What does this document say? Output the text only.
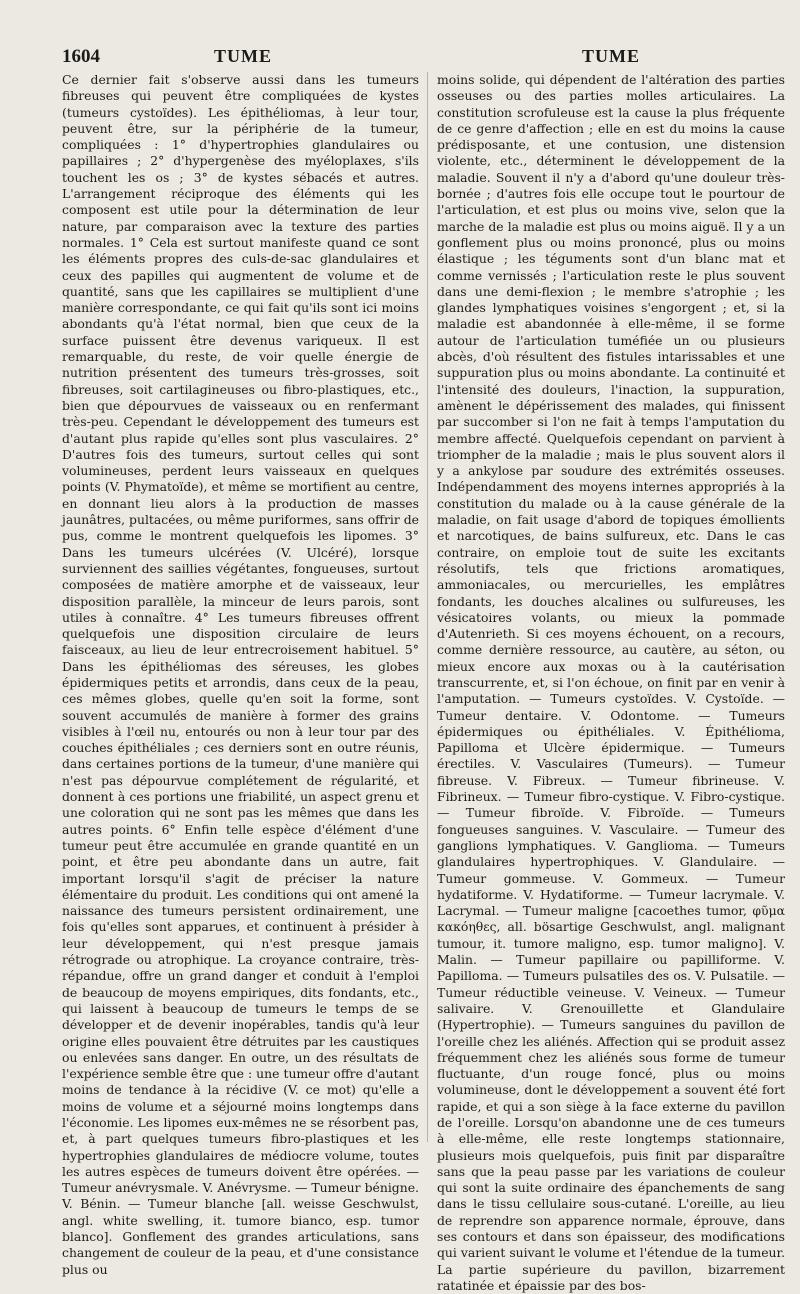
1604	TUME	TUME

Ce dernier fait s'observe aussi dans les tumeurs fibreuses qui peuvent être compliquées de kystes (tumeurs cystoïdes). Les épithéliomas, à leur tour, peuvent être, sur la périphérie de la tumeur, compliquées : 1° d'hypertrophies glandulaires ou papillaires ; 2° d'hypergenèse des myéloplaxes, s'ils touchent les os ; 3° de kystes sébacés et autres. L'arrangement réciproque des éléments qui les composent est utile pour la détermination de leur nature, par comparaison avec la texture des parties normales. 1° Cela est surtout manifeste quand ce sont les éléments propres des culs-de-sac glandulaires et ceux des papilles qui augmentent de volume et de quantité, sans que les capillaires se multiplient d'une manière correspondante, ce qui fait qu'ils sont ici moins abondants qu'à l'état normal, bien que ceux de la surface puissent être devenus variqueux. Il est remarquable, du reste, de voir quelle énergie de nutrition présentent des tumeurs très-grosses, soit fibreuses, soit cartilagineuses ou fibro-plastiques, etc., bien que dépourvues de vaisseaux ou en renfermant très-peu. Cependant le développement des tumeurs est d'autant plus rapide qu'elles sont plus vasculaires. 2° D'autres fois des tumeurs, surtout celles qui sont volumineuses, perdent leurs vaisseaux en quelques points (V. Phymatoïde), et même se mortifient au centre, en donnant lieu alors à la production de masses jaunâtres, pultacées, ou même puriformes, sans offrir de pus, comme le montrent quelquefois les lipomes. 3° Dans les tumeurs ulcérées (V. Ulcéré), lorsque surviennent des saillies végétantes, fongueuses, surtout composées de matière amorphe et de vaisseaux, leur disposition parallèle, la minceur de leurs parois, sont utiles à connaître. 4° Les tumeurs fibreuses offrent quelquefois une disposition circulaire de leurs faisceaux, au lieu de leur entrecroisement habituel. 5° Dans les épithéliomas des séreuses, les globes épidermiques petits et arrondis, dans ceux de la peau, ces mêmes globes, quelle qu'en soit la forme, sont souvent accumulés de manière à former des grains visibles à l'œil nu, entourés ou non à leur tour par des couches épithéliales ; ces derniers sont en outre réunis, dans certaines portions de la tumeur, d'une manière qui n'est pas dépourvue complétement de régularité, et donnent à ces portions une friabilité, un aspect grenu et une coloration qui ne sont pas les mêmes que dans les autres points. 6° Enfin telle espèce d'élément d'une tumeur peut être accumulée en grande quantité en un point, et être peu abondante dans un autre, fait important lorsqu'il s'agit de préciser la nature élémentaire du produit. Les conditions qui ont amené la naissance des tumeurs persistent ordinairement, une fois qu'elles sont apparues, et continuent à présider à leur développement, qui n'est presque jamais rétrograde ou atrophique. La croyance contraire, très-répandue, offre un grand danger et conduit à l'emploi de beaucoup de moyens empiriques, dits fondants, etc., qui laissent à beaucoup de tumeurs le temps de se développer et de devenir inopérables, tandis qu'à leur origine elles pouvaient être détruites par les caustiques ou enlevées sans danger. En outre, un des résultats de l'expérience semble être que : une tumeur offre d'autant moins de tendance à la récidive (V. ce mot) qu'elle a moins de volume et a séjourné moins longtemps dans l'économie. Les lipomes eux-mêmes ne se résorbent pas, et, à part quelques tumeurs fibro-plastiques et les hypertrophies glandulaires de médiocre volume, toutes les autres espèces de tumeurs doivent être opérées. — Tumeur anévrysmale. V. Anévrysme. — Tumeur bénigne. V. Bénin. — Tumeur blanche [all. weisse Geschwulst, angl. white swelling, it. tumore bianco, esp. tumor blanco]. Gonflement des grandes articulations, sans changement de couleur de la peau, et d'une consistance plus ou

moins solide, qui dépendent de l'altération des parties osseuses ou des parties molles articulaires. La constitution scrofuleuse est la cause la plus fréquente de ce genre d'affection ; elle en est du moins la cause prédisposante, et une contusion, une distension violente, etc., déterminent le développement de la maladie. Souvent il n'y a d'abord qu'une douleur très-bornée ; d'autres fois elle occupe tout le pourtour de l'articulation, et est plus ou moins vive, selon que la marche de la maladie est plus ou moins aiguë. Il y a un gonflement plus ou moins prononcé, plus ou moins élastique ; les téguments sont d'un blanc mat et comme vernissés ; l'articulation reste le plus souvent dans une demi-flexion ; le membre s'atrophie ; les glandes lymphatiques voisines s'engorgent ; et, si la maladie est abandonnée à elle-même, il se forme autour de l'articulation tuméfiée un ou plusieurs abcès, d'où résultent des fistules intarissables et une suppuration plus ou moins abondante. La continuité et l'intensité des douleurs, l'inaction, la suppuration, amènent le dépérissement des malades, qui finissent par succomber si l'on ne fait à temps l'amputation du membre affecté. Quelquefois cependant on parvient à triompher de la maladie ; mais le plus souvent alors il y a ankylose par soudure des extrémités osseuses. Indépendamment des moyens internes appropriés à la constitution du malade ou à la cause générale de la maladie, on fait usage d'abord de topiques émollients et narcotiques, de bains sulfureux, etc. Dans le cas contraire, on emploie tout de suite les excitants résolutifs, tels que frictions aromatiques, ammoniacales, ou mercurielles, les emplâtres fondants, les douches alcalines ou sulfureuses, les vésicatoires volants, ou mieux la pommade d'Autenrieth. Si ces moyens échouent, on a recours, comme dernière ressource, au cautère, au séton, ou mieux encore aux moxas ou à la cautérisation transcurrente, et, si l'on échoue, on finit par en venir à l'amputation. — Tumeurs cystoïdes. V. Cystoïde. — Tumeur dentaire. V. Odontome. — Tumeurs épidermiques ou épithéliales. V. Épithélioma, Papilloma et Ulcère épidermique. — Tumeurs érectiles. V. Vasculaires (Tumeurs). — Tumeur fibreuse. V. Fibreux. — Tumeur fibrineuse. V. Fibrineux. — Tumeur fibro-cystique. V. Fibro-cystique. — Tumeur fibroïde. V. Fibroïde. — Tumeurs fongueuses sanguines. V. Vasculaire. — Tumeur des ganglions lymphatiques. V. Ganglioma. — Tumeurs glandulaires hypertrophiques. V. Glandulaire. — Tumeur gommeuse. V. Gommeux. — Tumeur hydatiforme. V. Hydatiforme. — Tumeur lacrymale. V. Lacrymal. — Tumeur maligne [cacoethes tumor, φῦμα κακόηθες, all. bösartige Geschwulst, angl. malignant tumour, it. tumore maligno, esp. tumor maligno]. V. Malin. — Tumeur papillaire ou papilliforme. V. Papilloma. — Tumeurs pulsatiles des os. V. Pulsatile. — Tumeur réductible veineuse. V. Veineux. — Tumeur salivaire. V. Grenouillette et Glandulaire (Hypertrophie). — Tumeurs sanguines du pavillon de l'oreille chez les aliénés. Affection qui se produit assez fréquemment chez les aliénés sous forme de tumeur fluctuante, d'un rouge foncé, plus ou moins volumineuse, dont le développement a souvent été fort rapide, et qui a son siège à la face externe du pavillon de l'oreille. Lorsqu'on abandonne une de ces tumeurs à elle-même, elle reste longtemps stationnaire, plusieurs mois quelquefois, puis finit par disparaître sans que la peau passe par les variations de couleur qui sont la suite ordinaire des épanchements de sang dans le tissu cellulaire sous-cutané. L'oreille, au lieu de reprendre son apparence normale, éprouve, dans ses contours et dans son épaisseur, des modifications qui varient suivant le volume et l'étendue de la tumeur. La partie supérieure du pavillon, bizarrement ratatinée et épaissie par des bos-
